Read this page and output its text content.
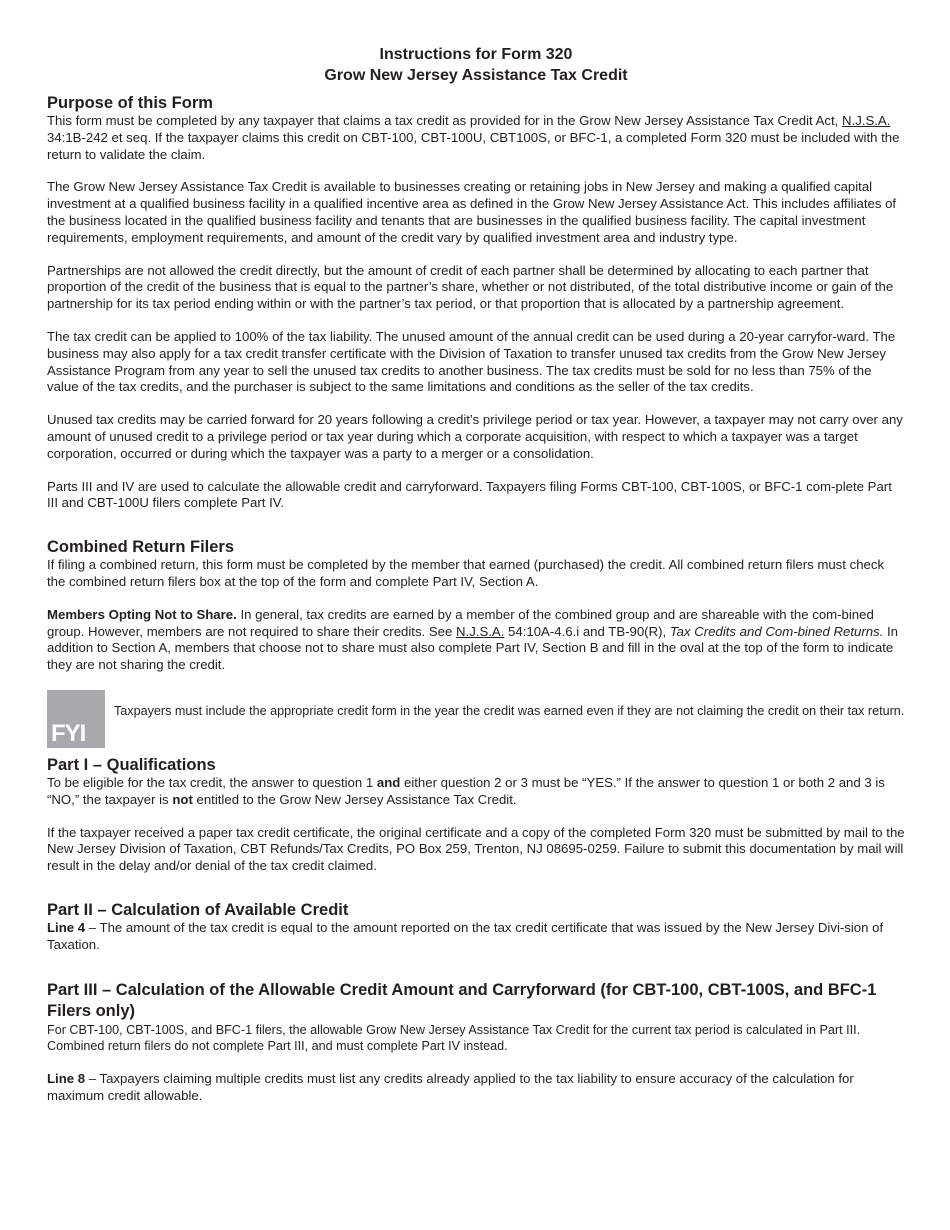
Instructions for Form 320

Grow New Jersey Assistance Tax Credit

Purpose of this Form

This form must be completed by any taxpayer that claims a tax credit as provided for in the Grow New Jersey Assistance Tax Credit Act, N.J.S.A. 34:1B-242 et seq. If the taxpayer claims this credit on CBT-100, CBT-100U, CBT100S, or BFC-1, a completed Form 320 must be included with the return to validate the claim.

The Grow New Jersey Assistance Tax Credit is available to businesses creating or retaining jobs in New Jersey and making a qualified capital investment at a qualified business facility in a qualified incentive area as defined in the Grow New Jersey Assistance Act. This includes affiliates of the business located in the qualified business facility and tenants that are businesses in the qualified business facility. The capital investment requirements, employment requirements, and amount of the credit vary by qualified investment area and industry type.

Partnerships are not allowed the credit directly, but the amount of credit of each partner shall be determined by allocating to each partner that proportion of the credit of the business that is equal to the partner’s share, whether or not distributed, of the total distributive income or gain of the partnership for its tax period ending within or with the partner’s tax period, or that proportion that is allocated by a partnership agreement.

The tax credit can be applied to 100% of the tax liability. The unused amount of the annual credit can be used during a 20-year carryfor-ward. The business may also apply for a tax credit transfer certificate with the Division of Taxation to transfer unused tax credits from the Grow New Jersey Assistance Program from any year to sell the unused tax credits to another business. The tax credits must be sold for no less than 75% of the value of the tax credits, and the purchaser is subject to the same limitations and conditions as the seller of the tax credits.

Unused tax credits may be carried forward for 20 years following a credit’s privilege period or tax year. However, a taxpayer may not carry over any amount of unused credit to a privilege period or tax year during which a corporate acquisition, with respect to which a taxpayer was a target corporation, occurred or during which the taxpayer was a party to a merger or a consolidation.

Parts III and IV are used to calculate the allowable credit and carryforward. Taxpayers filing Forms CBT-100, CBT-100S, or BFC-1 com-plete Part III and CBT-100U filers complete Part IV.

Combined Return Filers

If filing a combined return, this form must be completed by the member that earned (purchased) the credit. All combined return filers must check the combined return filers box at the top of the form and complete Part IV, Section A.

Members Opting Not to Share. In general, tax credits are earned by a member of the combined group and are shareable with the com-bined group. However, members are not required to share their credits. See N.J.S.A. 54:10A-4.6.i and TB-90(R), Tax Credits and Com-bined Returns. In addition to Section A, members that choose not to share must also complete Part IV, Section B and fill in the oval at the top of the form to indicate they are not sharing the credit.

FYI

Taxpayers must include the appropriate credit form in the year the credit was earned even if they are not claiming the credit on their tax return.

Part I – Qualifications

To be eligible for the tax credit, the answer to question 1 and either question 2 or 3 must be “YES.” If the answer to question 1 or both 2 and 3 is “NO,” the taxpayer is not entitled to the Grow New Jersey Assistance Tax Credit.

If the taxpayer received a paper tax credit certificate, the original certificate and a copy of the completed Form 320 must be submitted by mail to the New Jersey Division of Taxation, CBT Refunds/Tax Credits, PO Box 259, Trenton, NJ 08695-0259. Failure to submit this documentation by mail will result in the delay and/or denial of the tax credit claimed.

Part II – Calculation of Available Credit

Line 4 – The amount of the tax credit is equal to the amount reported on the tax credit certificate that was issued by the New Jersey Divi-sion of Taxation.

Part III – Calculation of the Allowable Credit Amount and Carryforward (for CBT-100, CBT-100S, and BFC-1 Filers only)

For CBT-100, CBT-100S, and BFC-1 filers, the allowable Grow New Jersey Assistance Tax Credit for the current tax period is calculated in Part III. Combined return filers do not complete Part III, and must complete Part IV instead.

Line 8 – Taxpayers claiming multiple credits must list any credits already applied to the tax liability to ensure accuracy of the calculation for maximum credit allowable.
